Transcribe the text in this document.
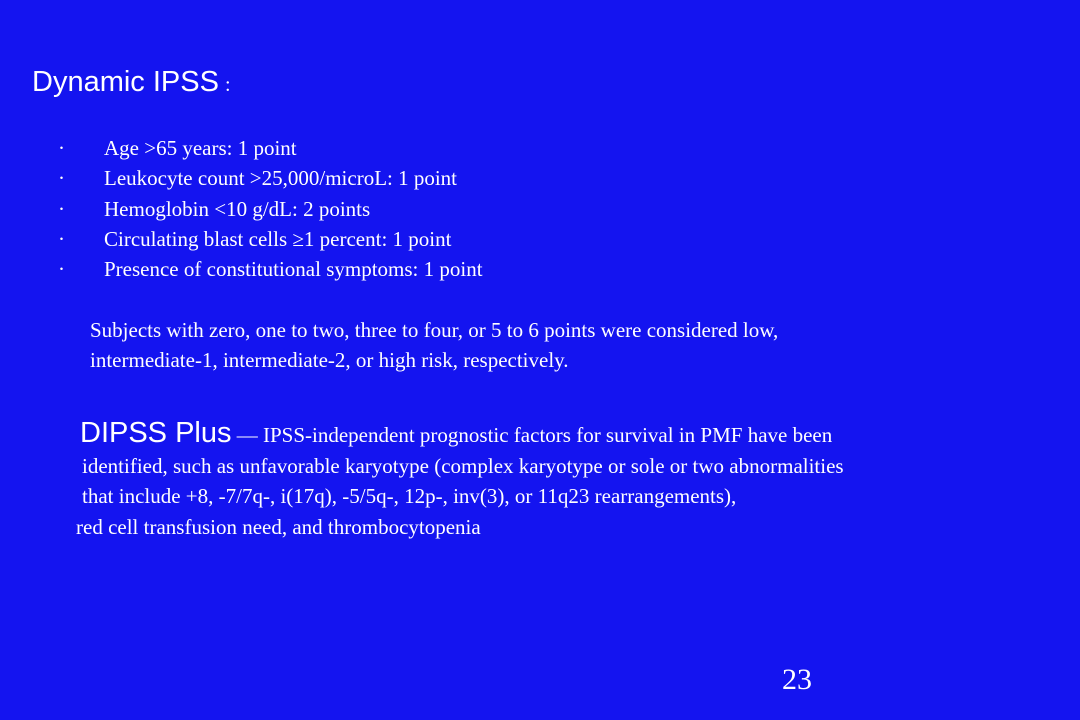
Dynamic IPSS :
·	Age >65 years: 1 point
·	Leukocyte count >25,000/microL: 1 point
·	Hemoglobin <10 g/dL: 2 points
·	Circulating blast cells ≥1 percent: 1 point
·	Presence of constitutional symptoms: 1 point
Subjects with zero, one to two, three to four, or 5 to 6 points were considered low,
intermediate-1, intermediate-2, or high risk, respectively.
DIPSS Plus — IPSS-independent prognostic factors for survival in PMF have been
identified, such as unfavorable karyotype (complex karyotype or sole or two abnormalities
that include +8, -7/7q-, i(17q), -5/5q-, 12p-, inv(3), or 11q23 rearrangements),
red cell transfusion need, and thrombocytopenia
23
